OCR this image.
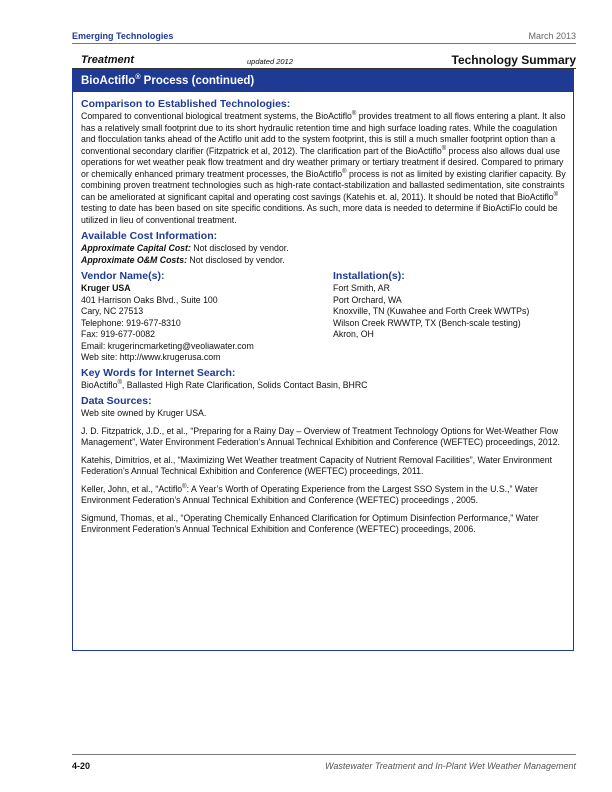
Emerging Technologies	March 2013
Treatment	updated 2012	Technology Summary
BioActiflo® Process (continued)
Comparison to Established Technologies:

Compared to conventional biological treatment systems, the BioActiflo® provides treatment to all flows entering a plant. It also has a relatively small footprint due to its short hydraulic retention time and high surface loading rates. While the coagulation and flocculation tanks ahead of the Actiflo unit add to the system footprint, this is still a much smaller footprint option than a conventional secondary clarifier (Fitzpatrick et al, 2012). The clarification part of the BioActiflo® process also allows dual use operations for wet weather peak flow treatment and dry weather primary or tertiary treatment if desired. Compared to primary or chemically enhanced primary treatment processes, the BioActiflo® process is not as limited by existing clarifier capacity. By combining proven treatment technologies such as high-rate contact-stabilization and ballasted sedimentation, site constraints can be ameliorated at significant capital and operating cost savings (Katehis et. al, 2011). It should be noted that BioActiflo® testing to date has been based on site specific conditions. As such, more data is needed to determine if BioActiFlo could be utilized in lieu of conventional treatment.

Available Cost Information:

Approximate Capital Cost: Not disclosed by vendor.

Approximate O&M Costs: Not disclosed by vendor.

Vendor Name(s):

Kruger USA

401 Harrison Oaks Blvd., Suite 100

Cary, NC 27513

Telephone: 919-677-8310

Fax: 919-677-0082

Email: krugerincmarketing@veoliawater.com

Web site: http://www.krugerusa.com

Installation(s):

Fort Smith, AR

Port Orchard, WA

Knoxville, TN (Kuwahee and Forth Creek WWTPs)

Wilson Creek RWWTP, TX (Bench-scale testing)

Akron, OH

Key Words for Internet Search:

BioActiflo®, Ballasted High Rate Clarification, Solids Contact Basin, BHRC

Data Sources:

Web site owned by Kruger USA.

J. D. Fitzpatrick, J.D., et al., “Preparing for a Rainy Day – Overview of Treatment Technology Options for Wet-Weather Flow Management”, Water Environment Federation’s Annual Technical Exhibition and Conference (WEFTEC) proceedings, 2012.

Katehis, Dimitrios, et al., “Maximizing Wet Weather treatment Capacity of Nutrient Removal Facilities”, Water Environment Federation’s Annual Technical Exhibition and Conference (WEFTEC) proceedings, 2011.

Keller, John, et al., “Actiflo®: A Year’s Worth of Operating Experience from the Largest SSO System in the U.S.,” Water Environment Federation’s Annual Technical Exhibition and Conference (WEFTEC) proceedings , 2005.

Sigmund, Thomas, et al., “Operating Chemically Enhanced Clarification for Optimum Disinfection Performance,” Water Environment Federation’s Annual Technical Exhibition and Conference (WEFTEC) proceedings, 2006.

4-20	Wastewater Treatment and In-Plant Wet Weather Management
